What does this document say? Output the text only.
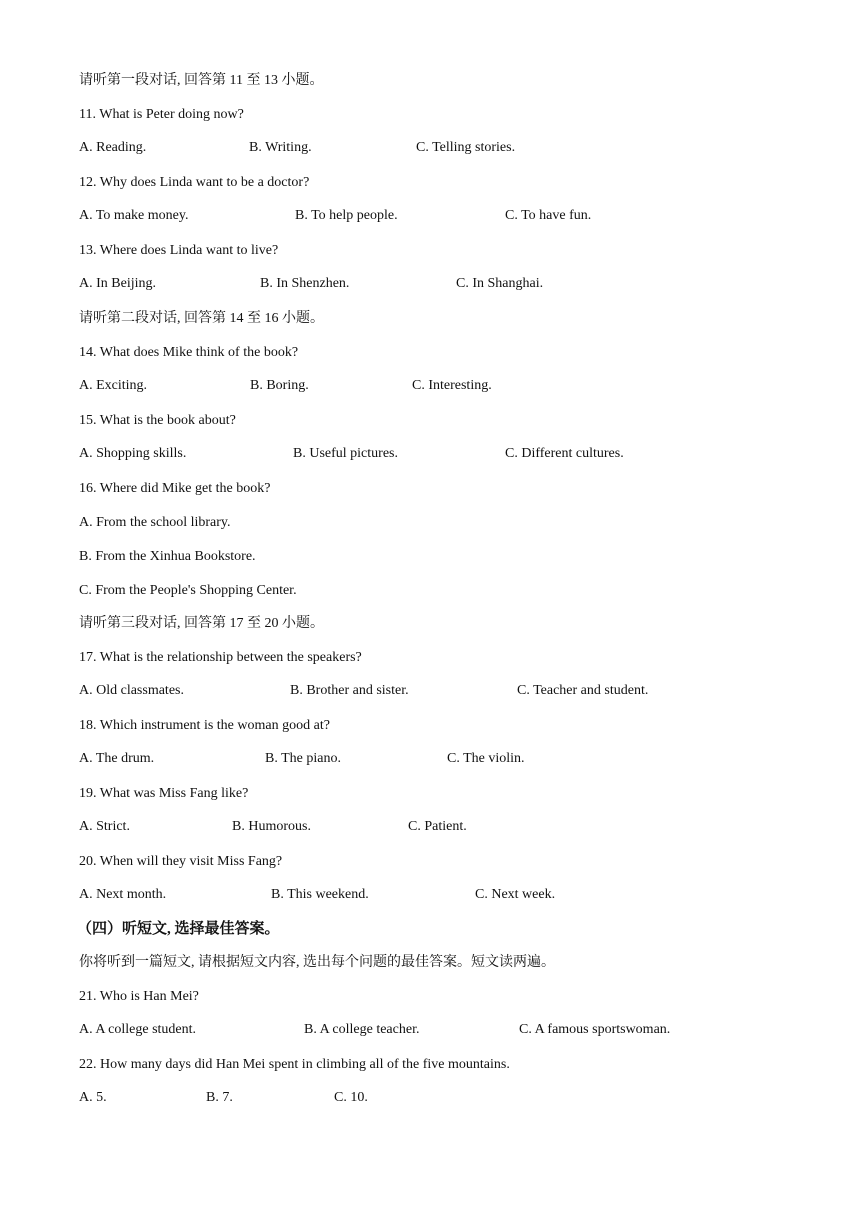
请听第一段对话, 回答第 11 至 13 小题。
11. What is Peter doing now?
A. Reading.	B. Writing.	C. Telling stories.
12. Why does Linda want to be a doctor?
A. To make money.	B. To help people.	C. To have fun.
13. Where does Linda want to live?
A. In Beijing.	B. In Shenzhen.	C. In Shanghai.
请听第二段对话, 回答第 14 至 16 小题。
14. What does Mike think of the book?
A. Exciting.	B. Boring.	C. Interesting.
15. What is the book about?
A. Shopping skills.	B. Useful pictures.	C. Different cultures.
16. Where did Mike get the book?
A. From the school library.
B. From the Xinhua Bookstore.
C. From the People's Shopping Center.
请听第三段对话, 回答第 17 至 20 小题。
17. What is the relationship between the speakers?
A. Old classmates.	B. Brother and sister.	C. Teacher and student.
18. Which instrument is the woman good at?
A. The drum.	B. The piano.	C. The violin.
19. What was Miss Fang like?
A. Strict.	B. Humorous.	C. Patient.
20. When will they visit Miss Fang?
A. Next month.	B. This weekend.	C. Next week.
（四）听短文, 选择最佳答案。
你将听到一篇短文, 请根据短文内容, 选出每个问题的最佳答案。短文读两遍。
21. Who is Han Mei?
A. A college student.	B. A college teacher.	C. A famous sportswoman.
22. How many days did Han Mei spent in climbing all of the five mountains.
A. 5.	B. 7.	C. 10.
